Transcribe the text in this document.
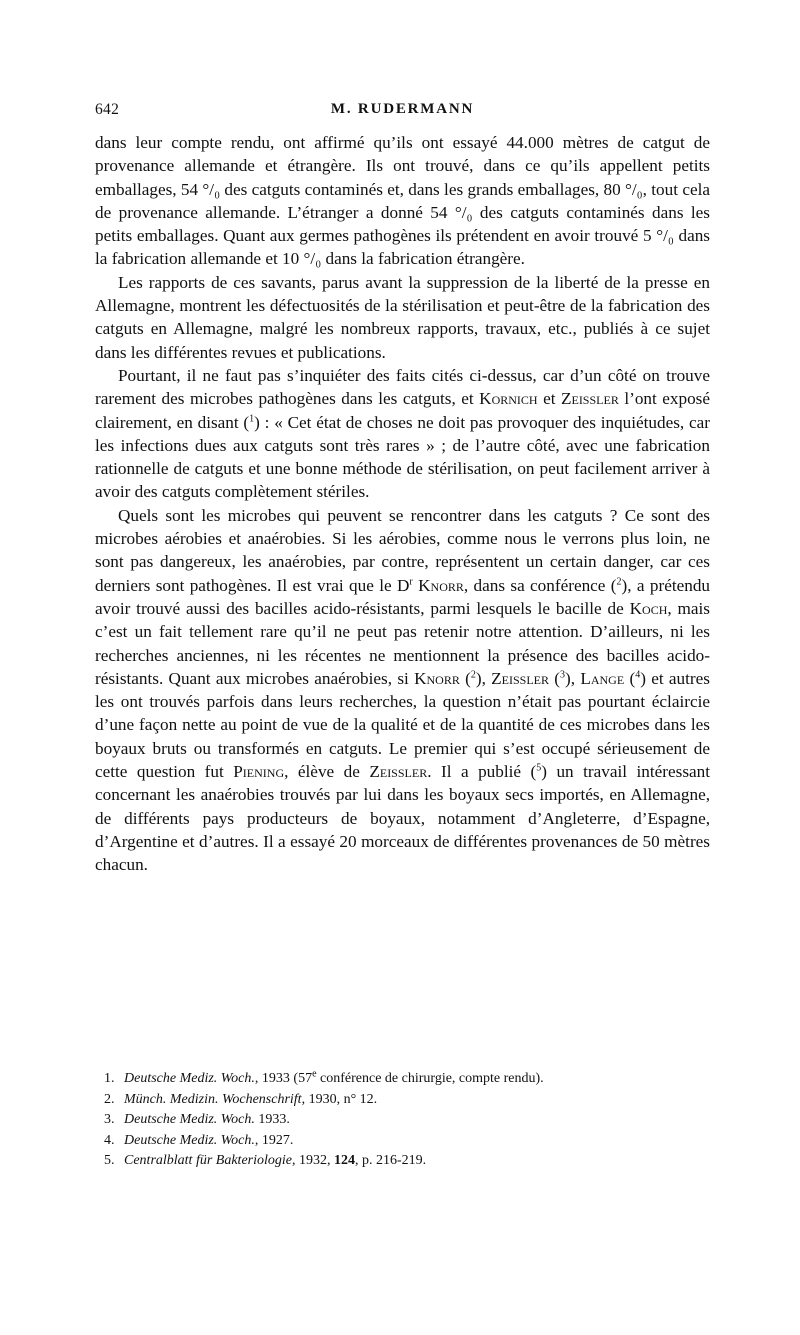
642	M. RUDERMANN

dans leur compte rendu, ont affirmé qu’ils ont essayé 44.000 mètres de catgut de provenance allemande et étrangère. Ils ont trouvé, dans ce qu’ils appellent petits emballages, 54 °/₀ des catguts contaminés et, dans les grands emballages, 80 °/₀, tout cela de provenance allemande. L’étranger a donné 54 °/₀ des catguts contaminés dans les petits emballages. Quant aux germes pathogènes ils prétendent en avoir trouvé 5 °/₀ dans la fabrication allemande et 10 °/₀ dans la fabrication étrangère.

Les rapports de ces savants, parus avant la suppression de la liberté de la presse en Allemagne, montrent les défectuosités de la stérilisation et peut-être de la fabrication des catguts en Allemagne, malgré les nombreux rapports, travaux, etc., publiés à ce sujet dans les différentes revues et publications.

Pourtant, il ne faut pas s’inquiéter des faits cités ci-dessus, car d’un côté on trouve rarement des microbes pathogènes dans les catguts, et Kornich et Zeissler l’ont exposé clairement, en disant ($^1$) : « Cet état de choses ne doit pas provoquer des inquiétudes, car les infections dues aux catguts sont très rares » ; de l’autre côté, avec une fabrication rationnelle de catguts et une bonne méthode de stérilisation, on peut facilement arriver à avoir des catguts complètement stériles.

Quels sont les microbes qui peuvent se rencontrer dans les catguts ? Ce sont des microbes aérobies et anaérobies. Si les aérobies, comme nous le verrons plus loin, ne sont pas dangereux, les anaérobies, par contre, représentent un certain danger, car ces derniers sont pathogènes. Il est vrai que le $D^r$ Knorr, dans sa conférence ($^2$), a prétendu avoir trouvé aussi des bacilles acido-résistants, parmi lesquels le bacille de Koch, mais c’est un fait tellement rare qu’il ne peut pas retenir notre attention. D’ailleurs, ni les recherches anciennes, ni les récentes ne mentionnent la présence des bacilles acido-résistants. Quant aux microbes anaérobies, si Knorr ($^2$), Zeissler ($^3$), Lange ($^4$) et autres les ont trouvés parfois dans leurs recherches, la question n’était pas pourtant éclaircie d’une façon nette au point de vue de la qualité et de la quantité de ces microbes dans les boyaux bruts ou transformés en catguts. Le premier qui s’est occupé sérieusement de cette question fut Piening, élève de Zeissler. Il a publié ($^5$) un travail intéressant concernant les anaérobies trouvés par lui dans les boyaux secs importés, en Allemagne, de différents pays producteurs de boyaux, notamment d’Angleterre, d’Espagne, d’Argentine et d’autres. Il a essayé 20 morceaux de différentes provenances de 50 mètres chacun.

1. Deutsche Mediz. Woch., 1933 (57e conférence de chirurgie, compte rendu).
2. Münch. Medizin. Wochenschrift, 1930, n° 12.
3. Deutsche Mediz. Woch. 1933.
4. Deutsche Mediz. Woch., 1927.
5. Centralblatt für Bakteriologie, 1932, 124, p. 216-219.
